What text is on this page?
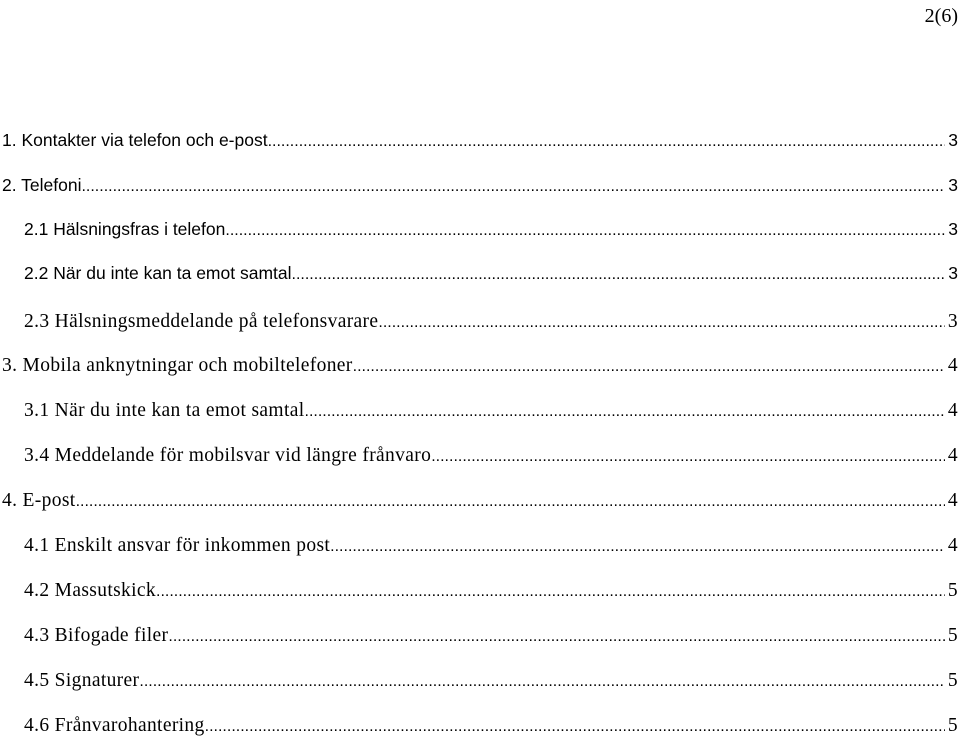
2(6)
1. Kontakter via telefon och e-post .....	3
2. Telefoni .....	3
2.1 Hälsningsfras i telefon .....	3
2.2 När du inte kan ta emot samtal .....	3
2.3 Hälsningsmeddelande på telefonsvarare .....	3
3. Mobila anknytningar och mobiltelefoner .....	4
3.1 När du inte kan ta emot samtal .....	4
3.4 Meddelande för mobilsvar vid längre frånvaro .....	4
4. E-post .....	4
4.1 Enskilt ansvar för inkommen post .....	4
4.2 Massutskick .....	5
4.3 Bifogade filer .....	5
4.5 Signaturer .....	5
4.6 Frånvarohantering .....	5
